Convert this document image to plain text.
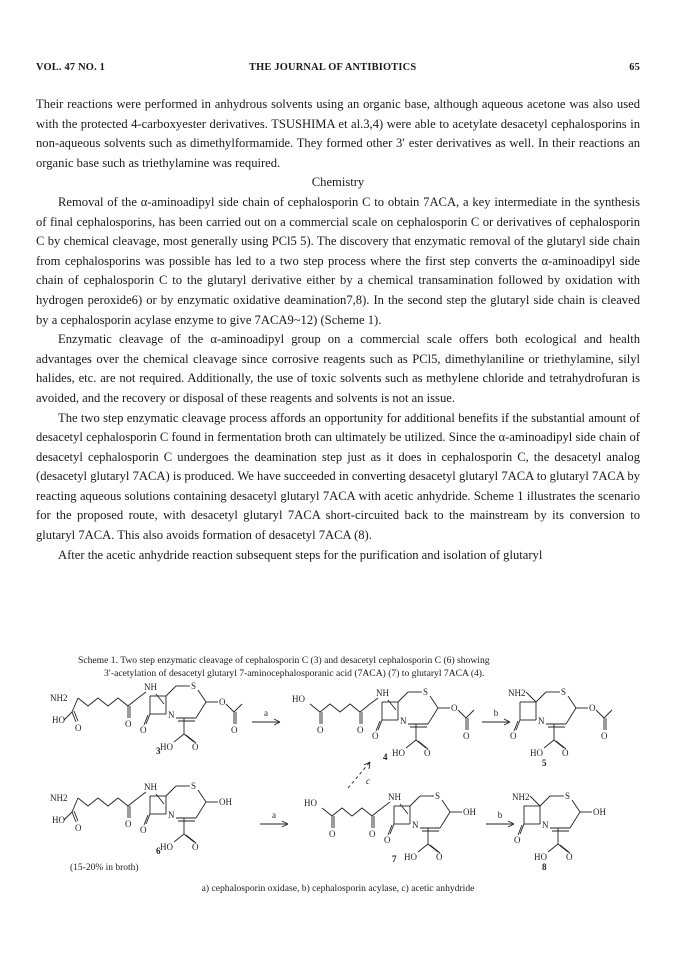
VOL. 47 NO. 1	THE JOURNAL OF ANTIBIOTICS	65

Their reactions were performed in anhydrous solvents using an organic base, although aqueous acetone was also used with the protected 4-carboxyester derivatives. TSUSHIMA et al.3,4) were able to acetylate desacetyl cephalosporins in non-aqueous solvents such as dimethylformamide. They formed other 3′ ester derivatives as well. In their reactions an organic base such as triethylamine was required.

Chemistry

Removal of the α-aminoadipyl side chain of cephalosporin C to obtain 7ACA, a key intermediate in the synthesis of final cephalosporins, has been carried out on a commercial scale on cephalosporin C or derivatives of cephalosporin C by chemical cleavage, most generally using PCl5 5). The discovery that enzymatic removal of the glutaryl side chain from cephalosporins was possible has led to a two step process where the first step converts the α-aminoadipyl side chain of cephalosporin C to the glutaryl derivative either by a chemical transamination followed by oxidation with hydrogen peroxide6) or by enzymatic oxidative deamination7,8). In the second step the glutaryl side chain is cleaved by a cephalosporin acylase enzyme to give 7ACA9~12) (Scheme 1).

Enzymatic cleavage of the α-aminoadipyl group on a commercial scale offers both ecological and health advantages over the chemical cleavage since corrosive reagents such as PCl5, dimethylaniline or triethylamine, silyl halides, etc. are not required. Additionally, the use of toxic solvents such as methylene chloride and tetrahydrofuran is avoided, and the recovery or disposal of these reagents and solvents is not an issue.

The two step enzymatic cleavage process affords an opportunity for additional benefits if the substantial amount of desacetyl cephalosporin C found in fermentation broth can ultimately be utilized. Since the α-aminoadipyl side chain of desacetyl cephalosporin C undergoes the deamination step just as it does in cephalosporin C, the desacetyl analog (desacetyl glutaryl 7ACA) is produced. We have succeeded in converting desacetyl glutaryl 7ACA to glutaryl 7ACA by reacting aqueous solutions containing desacetyl glutaryl 7ACA with acetic anhydride. Scheme 1 illustrates the scenario for the proposed route, with desacetyl glutaryl 7ACA short-circuited back to the mainstream by its conversion to glutaryl 7ACA. This also avoids formation of desacetyl 7ACA (8).

After the acetic anhydride reaction subsequent steps for the purification and isolation of glutaryl

Scheme 1. Two step enzymatic cleavage of cephalosporin C (3) and desacetyl cephalosporin C (6) showing
3′-acetylation of desacetyl glutaryl 7-aminocephalosporanic acid (7ACA) (7) to glutaryl 7ACA (4).
NH2
HO
O	O
NH
O
N
S
HO O
O
O
a
HO
O	O
NH
O
N
S
HO O
O
O
b
NH2
O
N
S
HO O
O
O
NH2
HO
O	O
NH
O
N
S
HO O
OH
a
HO
O	O
NH
O
N
S
HO O
OH b
NH2
O
N
S
HO O
OH
c
3
4
5
6
7
8
(15-20% in broth)
a) cephalosporin oxidase, b) cephalosporin acylase, c) acetic anhydride
